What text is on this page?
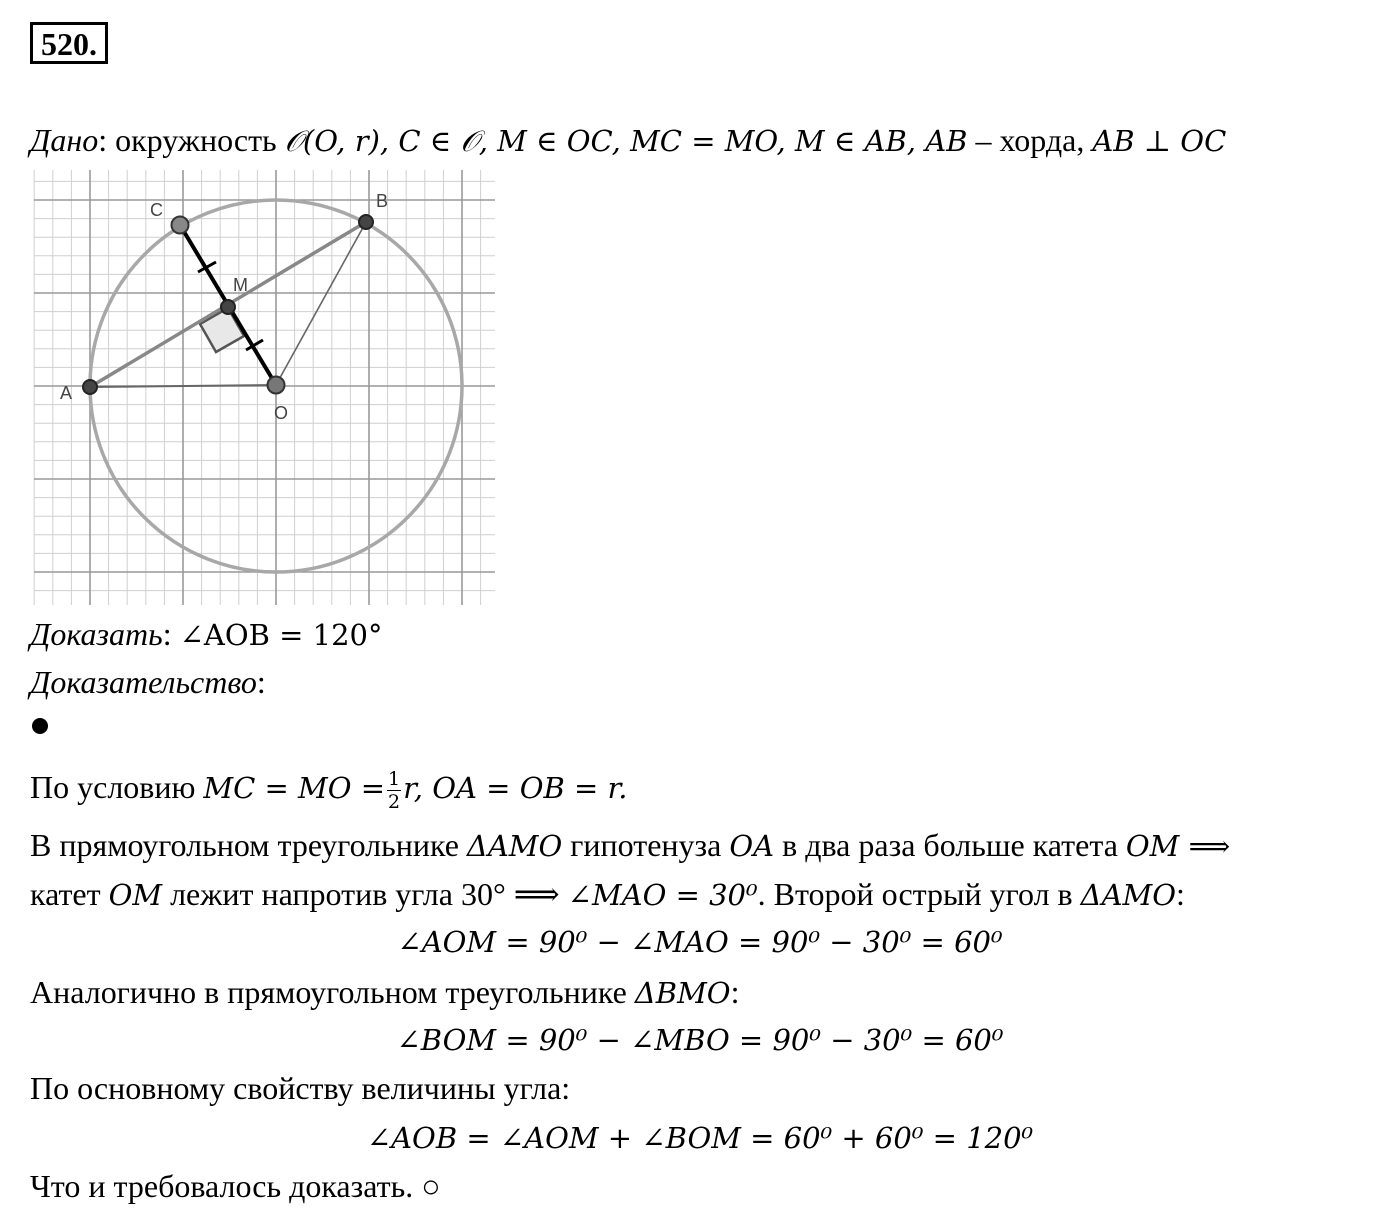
520.
Дано: окружность 𝒪(O, r), C ∈ 𝒪, M ∈ OC, MC = MO, M ∈ AB, AB – хорда, AB ⊥ OC
C	B
M
A
O
Доказать: ∠AOB = 120°
Доказательство:
По условию MC = MO = $\frac{1}{2} r$, OA = OB = r.
В прямоугольном треугольнике ΔAMO гипотенуза OA в два раза больше катета OM ⟹
катет OM лежит напротив угла 30° ⟹ ∠MAO = 30⁰. Второй острый угол в ΔAMO:
∠AOM = 90⁰ − ∠MAO = 90⁰ − 30⁰ = 60⁰
Аналогично в прямоугольном треугольнике ΔBMO:
∠BOM = 90⁰ − ∠MBO = 90⁰ − 30⁰ = 60⁰
По основному свойству величины угла:
∠AOB = ∠AOM + ∠BOM = 60⁰ + 60⁰ = 120⁰
Что и требовалось доказать. ○
